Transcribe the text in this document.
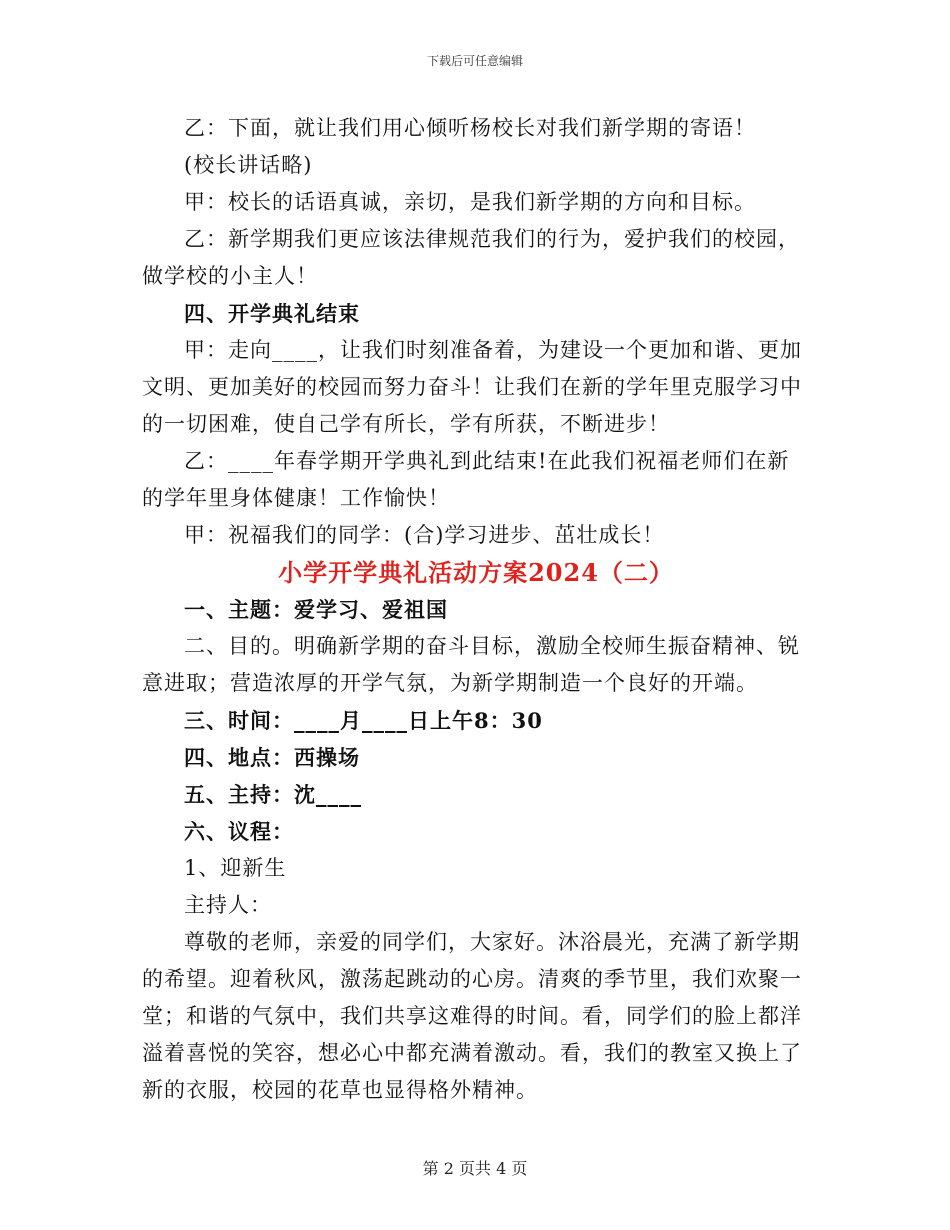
下载后可任意编辑

乙：下面，就让我们用心倾听杨校长对我们新学期的寄语！

(校长讲话略)

甲：校长的话语真诚，亲切，是我们新学期的方向和目标。

乙：新学期我们更应该法律规范我们的行为，爱护我们的校园，做学校的小主人！

四、开学典礼结束

甲：走向____，让我们时刻准备着，为建设一个更加和谐、更加文明、更加美好的校园而努力奋斗！让我们在新的学年里克服学习中的一切困难，使自己学有所长，学有所获，不断进步！

乙：____年春学期开学典礼到此结束!在此我们祝福老师们在新的学年里身体健康！工作愉快！

甲：祝福我们的同学：(合)学习进步、茁壮成长！

小学开学典礼活动方案2024（二）

一、主题：爱学习、爱祖国

二、目的。明确新学期的奋斗目标，激励全校师生振奋精神、锐意进取；营造浓厚的开学气氛，为新学期制造一个良好的开端。

三、时间：____月____日上午8：30

四、地点：西操场

五、主持：沈____

六、议程：

1、迎新生

主持人：

尊敬的老师，亲爱的同学们，大家好。沐浴晨光，充满了新学期的希望。迎着秋风，激荡起跳动的心房。清爽的季节里，我们欢聚一堂；和谐的气氛中，我们共享这难得的时间。看，同学们的脸上都洋溢着喜悦的笑容，想必心中都充满着激动。看，我们的教室又换上了新的衣服，校园的花草也显得格外精神。

第 2 页共 4 页
